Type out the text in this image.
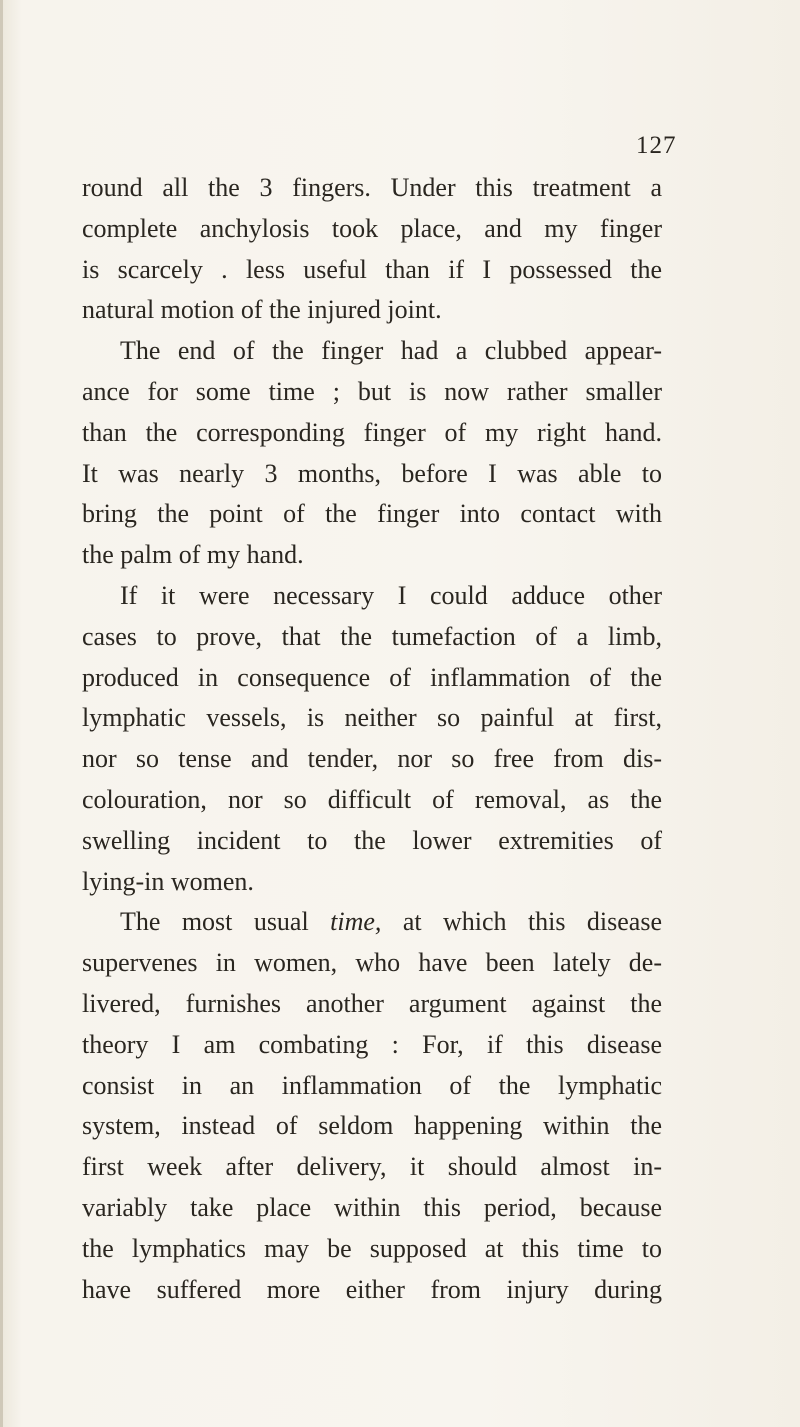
127
round all the 3 fingers. Under this treatment a
complete anchylosis took place, and my finger
is scarcely . less useful than if I possessed the
natural motion of the injured joint.
The end of the finger had a clubbed appear-
ance for some time ; but is now rather smaller
than the corresponding finger of my right hand.
It was nearly 3 months, before I was able to
bring the point of the finger into contact with
the palm of my hand.
If it were necessary I could adduce other
cases to prove, that the tumefaction of a limb,
produced in consequence of inflammation of the
lymphatic vessels, is neither so painful at first,
nor so tense and tender, nor so free from dis-
colouration, nor so difficult of removal, as the
swelling incident to the lower extremities of
lying-in women.
The most usual time, at which this disease
supervenes in women, who have been lately de-
livered, furnishes another argument against the
theory I am combating : For, if this disease
consist in an inflammation of the lymphatic
system, instead of seldom happening within the
first week after delivery, it should almost in-
variably take place within this period, because
the lymphatics may be supposed at this time to
have suffered more either from injury during
